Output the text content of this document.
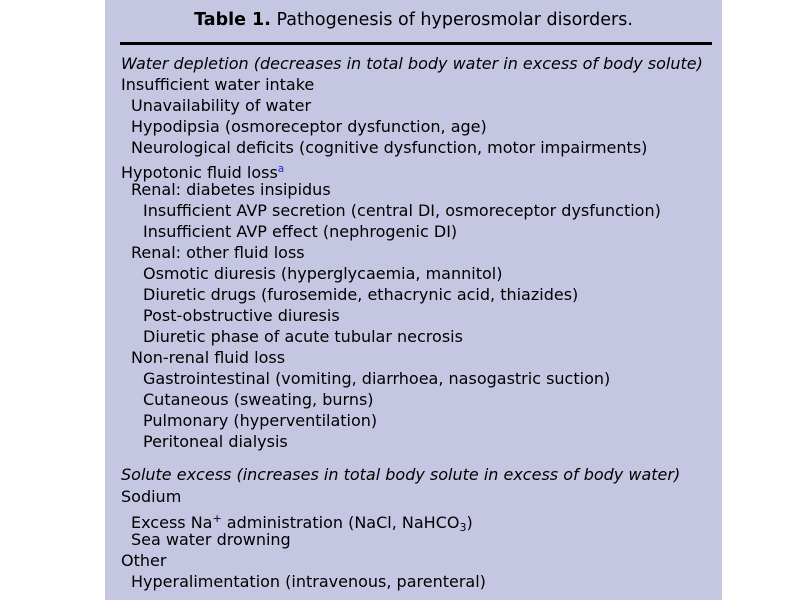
Table 1. Pathogenesis of hyperosmolar disorders.
Water depletion (decreases in total body water in excess of body solute)
Insufficient water intake
Unavailability of water
Hypodipsia (osmoreceptor dysfunction, age)
Neurological deficits (cognitive dysfunction, motor impairments)
Hypotonic fluid loss$^a$
Renal: diabetes insipidus
Insufficient AVP secretion (central DI, osmoreceptor dysfunction)
Insufficient AVP effect (nephrogenic DI)
Renal: other fluid loss
Osmotic diuresis (hyperglycaemia, mannitol)
Diuretic drugs (furosemide, ethacrynic acid, thiazides)
Post-obstructive diuresis
Diuretic phase of acute tubular necrosis
Non-renal fluid loss
Gastrointestinal (vomiting, diarrhoea, nasogastric suction)
Cutaneous (sweating, burns)
Pulmonary (hyperventilation)
Peritoneal dialysis
Solute excess (increases in total body solute in excess of body water)
Sodium
Excess Na+ administration (NaCl, NaHCO$_3$)
Sea water drowning
Other
Hyperalimentation (intravenous, parenteral)
